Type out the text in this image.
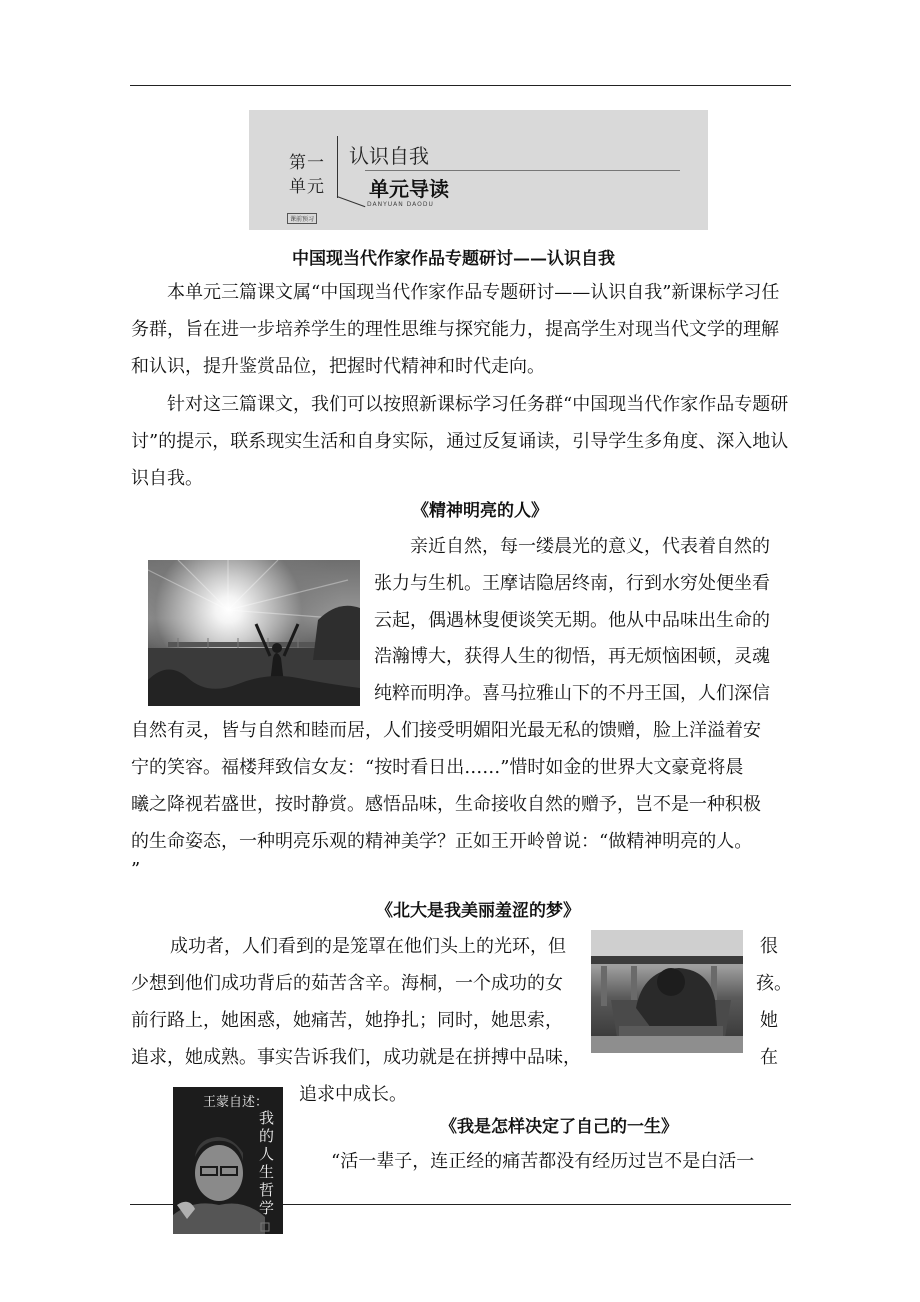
第一
单元
认识自我
单元导读
DANYUAN DAODU
课前预习
中国现当代作家作品专题研讨——认识自我
本单元三篇课文属“中国现当代作家作品专题研讨——认识自我”新课标学习任务群，旨在进一步培养学生的理性思维与探究能力，提高学生对现当代文学的理解和认识，提升鉴赏品位，把握时代精神和时代走向。
针对这三篇课文，我们可以按照新课标学习任务群“中国现当代作家作品专题研讨”的提示，联系现实生活和自身实际，通过反复诵读，引导学生多角度、深入地认识自我。
《精神明亮的人》
亲近自然，每一缕晨光的意义，代表着自然的
张力与生机。王摩诘隐居终南，行到水穷处便坐看
云起，偶遇林叟便谈笑无期。他从中品味出生命的
浩瀚博大，获得人生的彻悟，再无烦恼困顿，灵魂
纯粹而明净。喜马拉雅山下的不丹王国，人们深信
自然有灵，皆与自然和睦而居，人们接受明媚阳光最无私的馈赠，脸上洋溢着安
宁的笑容。福楼拜致信女友：“按时看日出……”惜时如金的世界大文豪竟将晨
曦之降视若盛世，按时静赏。感悟品味，生命接收自然的赠予，岂不是一种积极
的生命姿态，一种明亮乐观的精神美学？正如王开岭曾说：“做精神明亮的人。
”
《北大是我美丽羞涩的梦》
成功者，人们看到的是笼罩在他们头上的光环，但
少想到他们成功背后的茹苦含辛。海桐，一个成功的女
前行路上，她困惑，她痛苦，她挣扎；同时，她思索，
追求，她成熟。事实告诉我们，成功就是在拼搏中品味，
很
孩。
她
在
追求中成长。
王蒙自述：
我的人生哲学
《我是怎样决定了自己的一生》
“活一辈子，连正经的痛苦都没有经历过岂不是白活一
